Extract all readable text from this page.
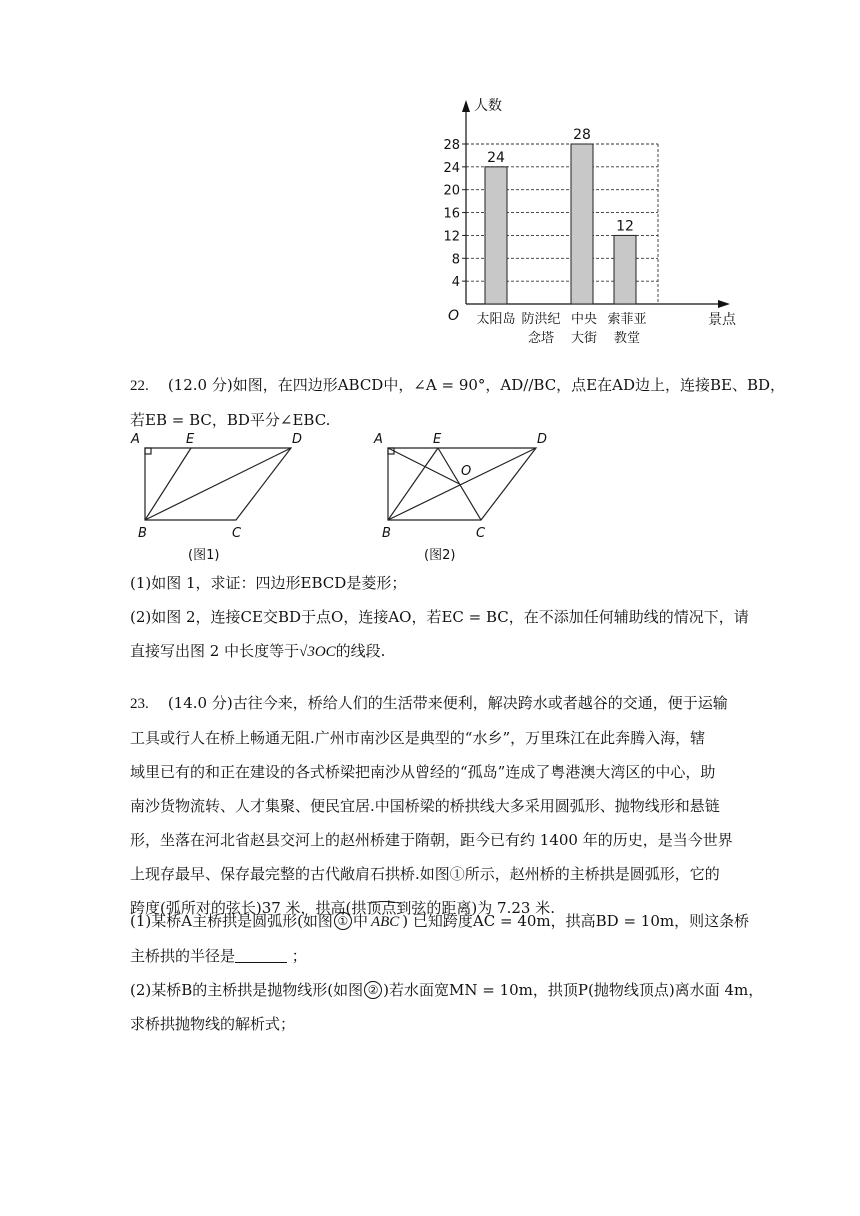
4
8
12
16
20
24
28
人数
景点
O
24
太阳岛 防洪纪
念塔
28
中央
大街
12
索菲亚
教堂
22. (12.0 分)如图，在四边形ABCD中，∠A = 90°，AD//BC，点E在AD边上，连接BE、BD，
若EB = BC，BD平分∠EBC.
A	E	D
B	C
(图1)
A	E	D
O
B	C
(图2)
(1)如图 1，求证：四边形EBCD是菱形；
(2)如图 2，连接CE交BD于点O，连接AO，若EC = BC，在不添加任何辅助线的情况下，请
直接写出图 2 中长度等于√3OC的线段.
23. (14.0 分)古往今来，桥给人们的生活带来便利，解决跨水或者越谷的交通，便于运输
工具或行人在桥上畅通无阻.广州市南沙区是典型的“水乡”，万里珠江在此奔腾入海，辖
域里已有的和正在建设的各式桥梁把南沙从曾经的“孤岛”连成了粤港澳大湾区的中心，助
南沙货物流转、人才集聚、便民宜居.中国桥梁的桥拱线大多采用圆弧形、抛物线形和悬链
形，坐落在河北省赵县交河上的赵州桥建于隋朝，距今已有约 1400 年的历史，是当今世界
上现存最早、保存最完整的古代敞肩石拱桥.如图①所示，赵州桥的主桥拱是圆弧形，它的
跨度(弧所对的弦长)37 米，拱高(拱顶点到弦的距离)为 7.23 米.
(1)某桥A主桥拱是圆弧形(如图 ① 中 ABC ) 已知跨度AC = 40m，拱高BD = 10m，则这条桥
主桥拱的半径是	；
(2)某桥B的主桥拱是抛物线形(如图 ② )若水面宽MN = 10m，拱顶P(抛物线顶点)离水面 4m，
求桥拱抛物线的解析式；
